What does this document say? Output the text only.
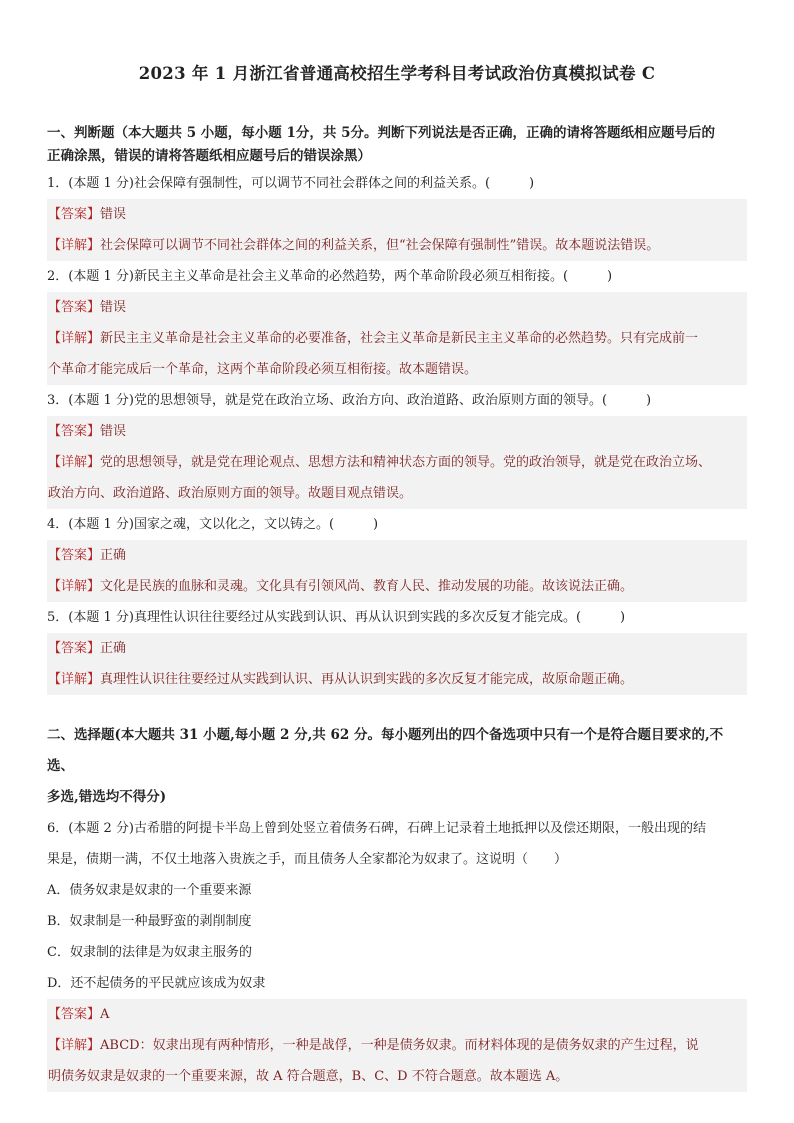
2023 年 1 月浙江省普通高校招生学考科目考试政治仿真模拟试卷 C

一、判断题（本大题共 5 小题，每小题 1分，共 5分。判断下列说法是否正确，正确的请将答题纸相应题号后的
正确涂黑，错误的请将答题纸相应题号后的错误涂黑）

1．(本题 1 分)社会保障有强制性，可以调节不同社会群体之间的利益关系。(　　　)

【答案】错误

【详解】社会保障可以调节不同社会群体之间的利益关系，但“社会保障有强制性”错误。故本题说法错误。

2．(本题 1 分)新民主主义革命是社会主义革命的必然趋势，两个革命阶段必须互相衔接。(　　　)

【答案】错误

【详解】新民主主义革命是社会主义革命的必要准备，社会主义革命是新民主主义革命的必然趋势。只有完成前一

个革命才能完成后一个革命，这两个革命阶段必须互相衔接。故本题错误。

3．(本题 1 分)党的思想领导，就是党在政治立场、政治方向、政治道路、政治原则方面的领导。(　　　)

【答案】错误

【详解】党的思想领导，就是党在理论观点、思想方法和精神状态方面的领导。党的政治领导，就是党在政治立场、

政治方向、政治道路、政治原则方面的领导。故题目观点错误。

4．(本题 1 分)国家之魂，文以化之，文以铸之。(　　　)

【答案】正确

【详解】文化是民族的血脉和灵魂。文化具有引领风尚、教育人民、推动发展的功能。故该说法正确。

5．(本题 1 分)真理性认识往往要经过从实践到认识、再从认识到实践的多次反复才能完成。(　　　)

【答案】正确

【详解】真理性认识往往要经过从实践到认识、再从认识到实践的多次反复才能完成，故原命题正确。

二、选择题(本大题共 31 小题,每小题 2 分,共 62 分。每小题列出的四个备选项中只有一个是符合题目要求的,不选、
多选,错选均不得分)

6．(本题 2 分)古希腊的阿提卡半岛上曾到处竖立着债务石碑，石碑上记录着土地抵押以及偿还期限，一般出现的结
果是，债期一满，不仅土地落入贵族之手，而且债务人全家都沦为奴隶了。这说明（　　）

A．债务奴隶是奴隶的一个重要来源

B．奴隶制是一种最野蛮的剥削制度

C．奴隶制的法律是为奴隶主服务的

D．还不起债务的平民就应该成为奴隶

【答案】A

【详解】ABCD：奴隶出现有两种情形，一种是战俘，一种是债务奴隶。而材料体现的是债务奴隶的产生过程，说

明债务奴隶是奴隶的一个重要来源，故 A 符合题意，B、C、D 不符合题意。故本题选 A。
